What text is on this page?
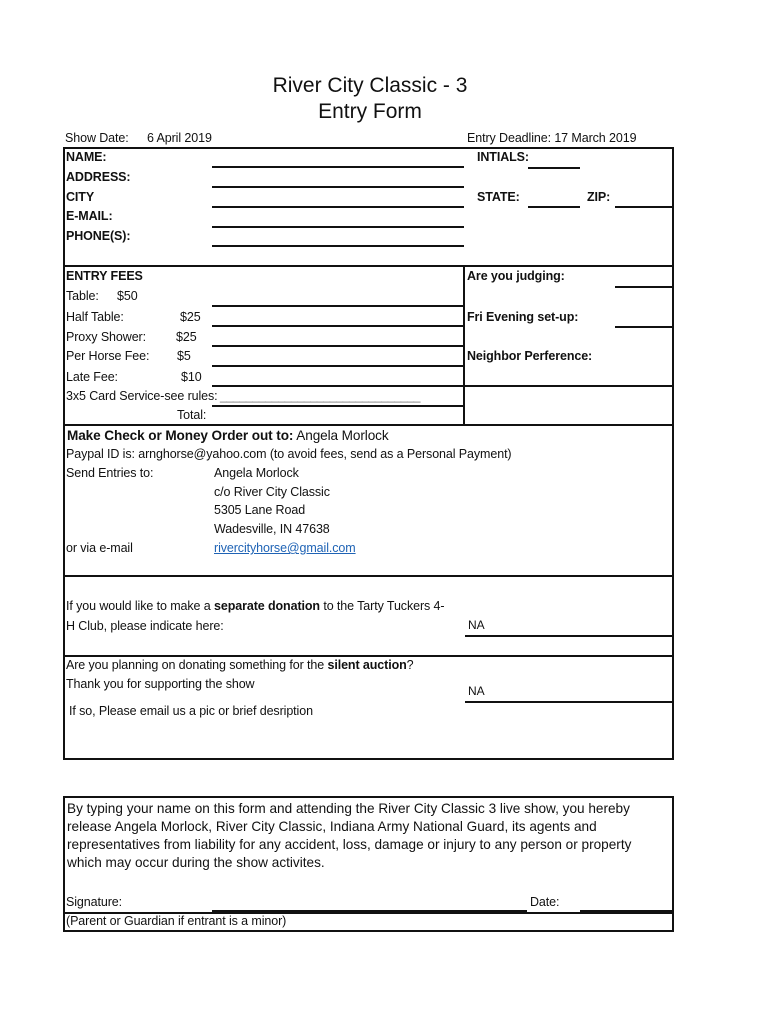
River City Classic - 3
Entry Form
Show Date: 6 April 2019	Entry Deadline: 17 March 2019
NAME:
ADDRESS:
CITY
E-MAIL:
PHONE(S):
INTIALS:
STATE:	ZIP:
ENTRY FEES
Table: $50
Half Table:	$25
Proxy Shower: $25
Per Horse Fee: $5
Late Fee:	$10
3x5 Card Service-see rules: _______________________________
Total:
Are you judging:
Fri Evening set-up:
Neighbor Perference:
Make Check or Money Order out to: Angela Morlock
Paypal ID is: arnghorse@yahoo.com (to avoid fees, send as a Personal Payment)
Send Entries to:	Angela Morlock
c/o River City Classic
5305 Lane Road
Wadesville, IN 47638
or via e-mail	rivercityhorse@gmail.com
If you would like to make a separate donation to the Tarty Tuckers 4-
H Club, please indicate here:	NA
Are you planning on donating something for the silent auction?
Thank you for supporting the show	NA
If so, Please email us a pic or brief desription
By typing your name on this form and attending the River City Classic 3 live show, you hereby release Angela Morlock, River City Classic, Indiana Army National Guard, its agents and representatives from liability for any accident, loss, damage or injury to any person or property which may occur during the show activites.
Signature:	Date:
(Parent or Guardian if entrant is a minor)
